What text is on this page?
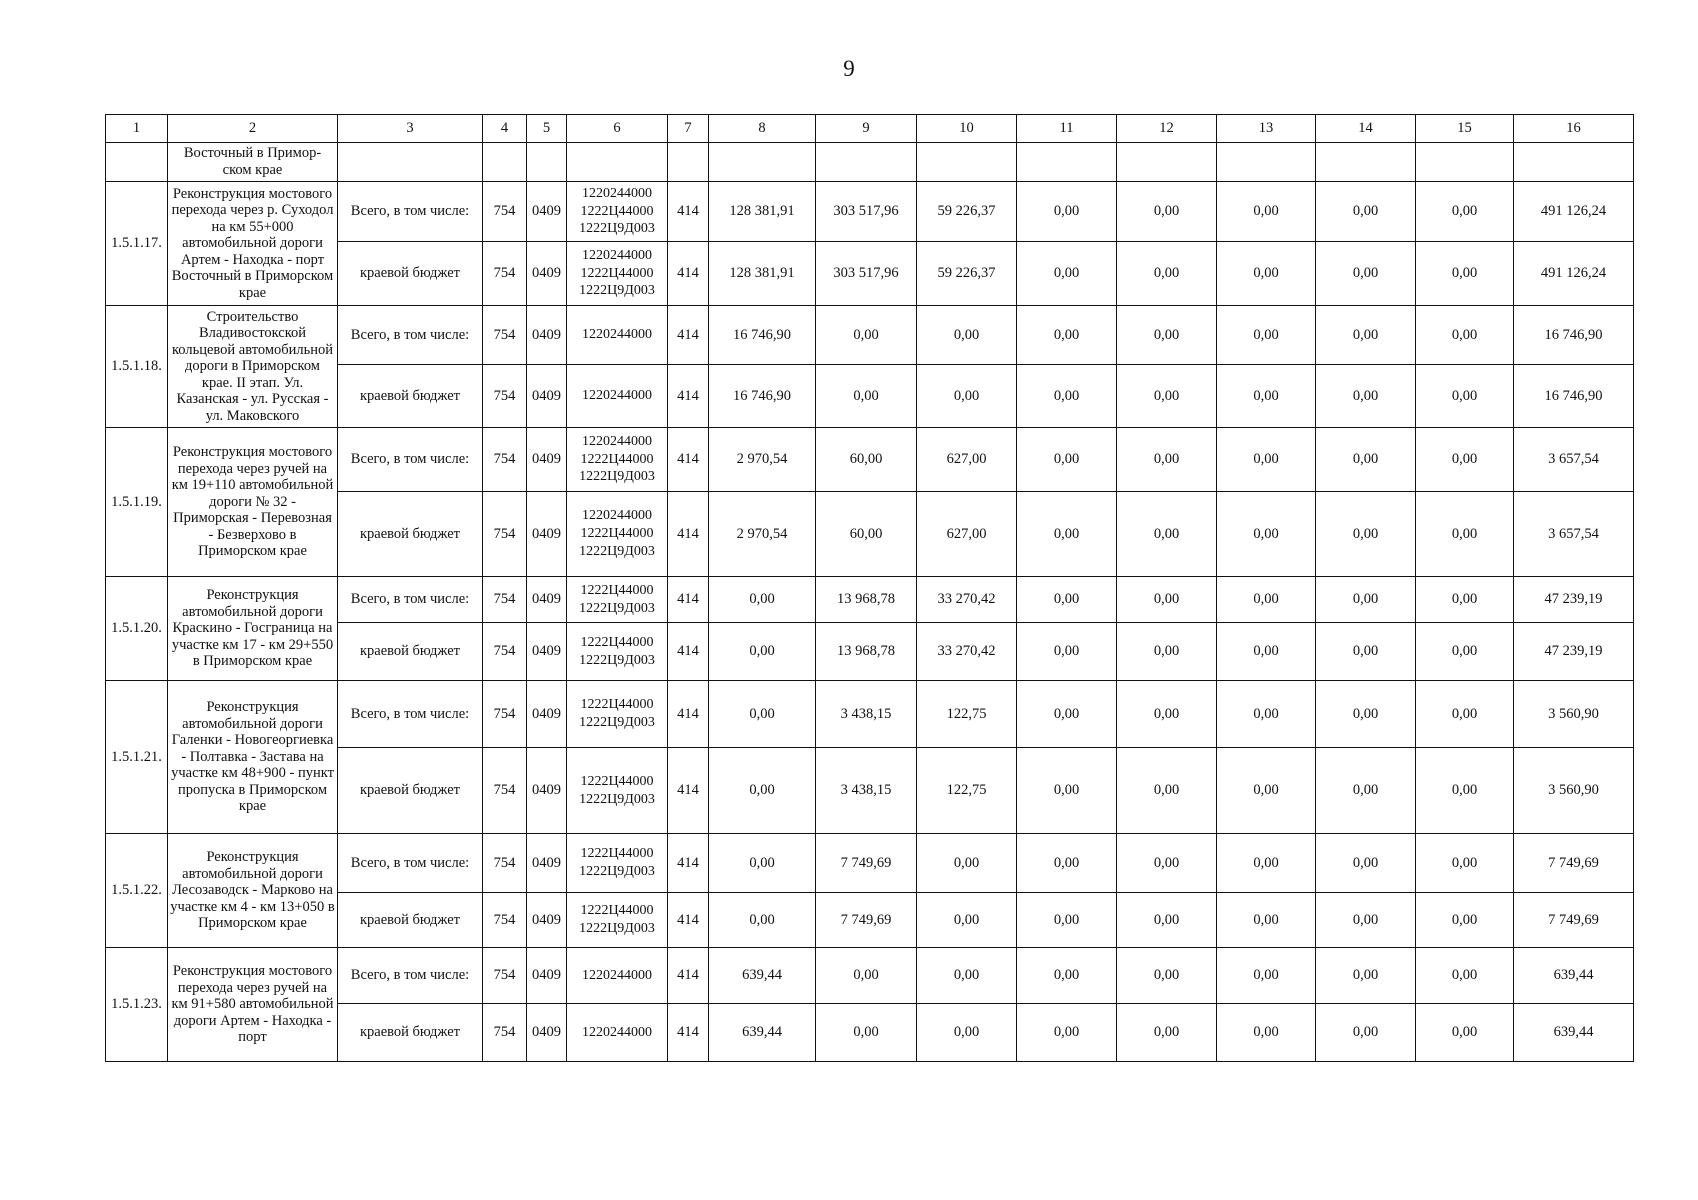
9
1	2	3	4	5	6	7	8	9	10	11	12	13	14	15	16
	Восточный в Примор-ском крае														
1.5.1.17.	Реконструкция мостового перехода через р. Суходол на км 55+000 автомобильной дороги Артем - Находка - порт Восточный в Приморском крае	Всего, в том числе:	754	0409	1220244000
1222Ц44000
1222Ц9Д003	414	128 381,91	303 517,96	59 226,37	0,00	0,00	0,00	0,00	0,00	491 126,24
		краевой бюджет	754	0409	1220244000
1222Ц44000
1222Ц9Д003	414	128 381,91	303 517,96	59 226,37	0,00	0,00	0,00	0,00	0,00	491 126,24
1.5.1.18.	Строительство Владивостокской кольцевой автомобильной дороги в Приморском крае. II этап. Ул. Казанская - ул. Русская - ул. Маковского	Всего, в том числе:	754	0409	1220244000	414	16 746,90	0,00	0,00	0,00	0,00	0,00	0,00	0,00	16 746,90
		краевой бюджет	754	0409	1220244000	414	16 746,90	0,00	0,00	0,00	0,00	0,00	0,00	0,00	16 746,90
1.5.1.19.	Реконструкция мостового перехода через ручей на км 19+110 автомобильной дороги № 32 - Приморская - Перевозная - Безверхово в Приморском крае	Всего, в том числе:	754	0409	1220244000
1222Ц44000
1222Ц9Д003	414	2 970,54	60,00	627,00	0,00	0,00	0,00	0,00	0,00	3 657,54
		краевой бюджет	754	0409	1220244000
1222Ц44000
1222Ц9Д003	414	2 970,54	60,00	627,00	0,00	0,00	0,00	0,00	0,00	3 657,54
1.5.1.20.	Реконструкция автомобильной дороги Краскино - Госграница на участке км 17 - км 29+550 в Приморском крае	Всего, в том числе:	754	0409	1222Ц44000
1222Ц9Д003	414	0,00	13 968,78	33 270,42	0,00	0,00	0,00	0,00	0,00	47 239,19
		краевой бюджет	754	0409	1222Ц44000
1222Ц9Д003	414	0,00	13 968,78	33 270,42	0,00	0,00	0,00	0,00	0,00	47 239,19
1.5.1.21.	Реконструкция автомобильной дороги Галенки - Новогеоргиевка - Полтавка - Застава на участке км 48+900 - пункт пропуска в Приморском крае	Всего, в том числе:	754	0409	1222Ц44000
1222Ц9Д003	414	0,00	3 438,15	122,75	0,00	0,00	0,00	0,00	0,00	3 560,90
		краевой бюджет	754	0409	1222Ц44000
1222Ц9Д003	414	0,00	3 438,15	122,75	0,00	0,00	0,00	0,00	0,00	3 560,90
1.5.1.22.	Реконструкция автомобильной дороги Лесозаводск - Марково на участке км 4 - км 13+050 в Приморском крае	Всего, в том числе:	754	0409	1222Ц44000
1222Ц9Д003	414	0,00	7 749,69	0,00	0,00	0,00	0,00	0,00	0,00	7 749,69
		краевой бюджет	754	0409	1222Ц44000
1222Ц9Д003	414	0,00	7 749,69	0,00	0,00	0,00	0,00	0,00	0,00	7 749,69
1.5.1.23.	Реконструкция мостового перехода через ручей на км 91+580 автомобильной дороги Артем - Находка - порт	Всего, в том числе:	754	0409	1220244000	414	639,44	0,00	0,00	0,00	0,00	0,00	0,00	0,00	639,44
		краевой бюджет	754	0409	1220244000	414	639,44	0,00	0,00	0,00	0,00	0,00	0,00	0,00	639,44
